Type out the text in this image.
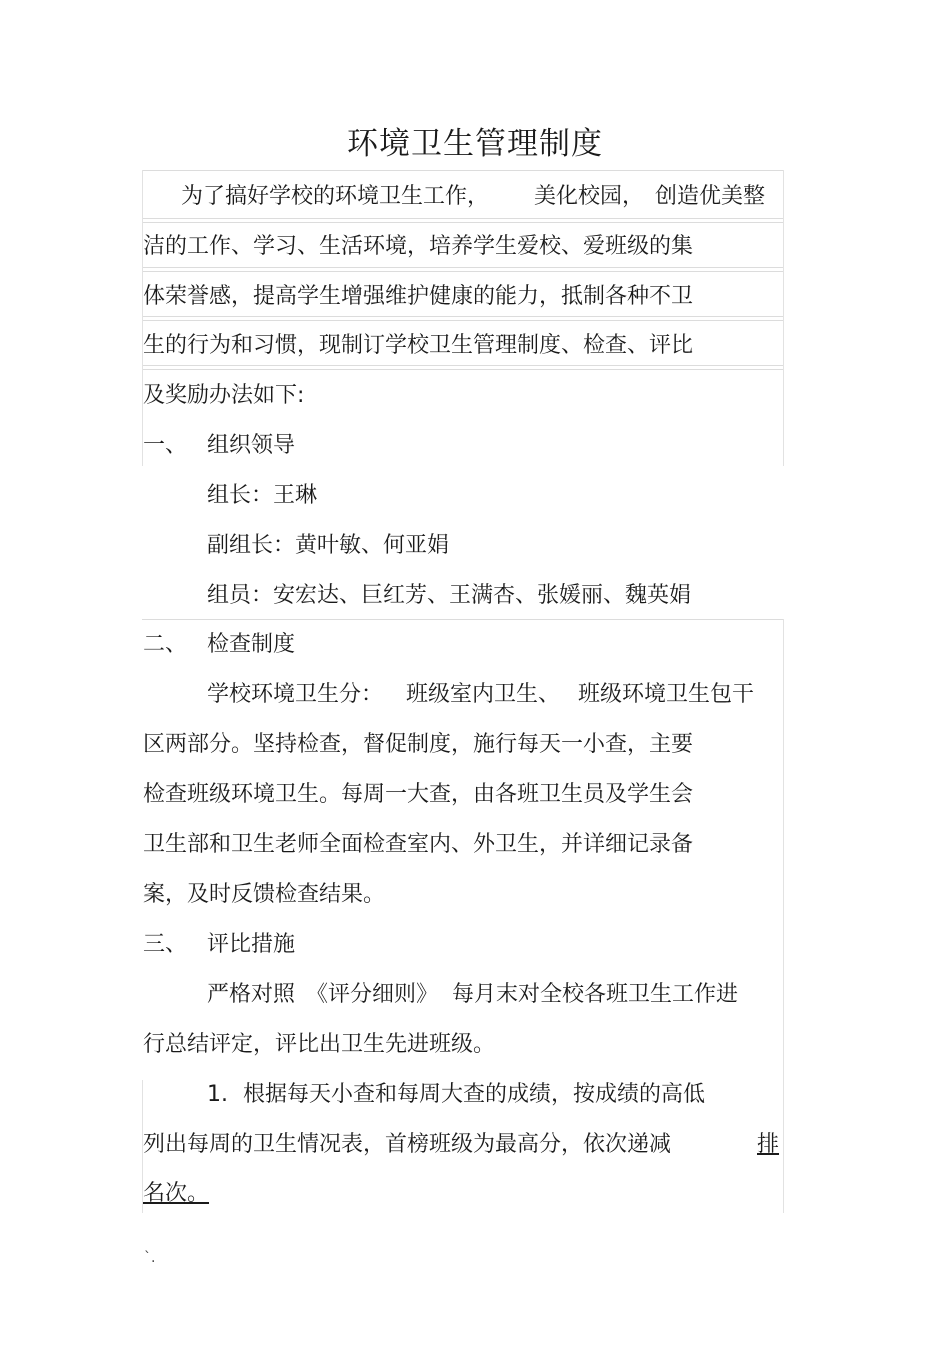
环境卫生管理制度
为了搞好学校的环境卫生工作， 美化校园， 创造优美整
洁的工作、学习、生活环境，培养学生爱校、爱班级的集
体荣誉感，提高学生增强维护健康的能力，抵制各种不卫
生的行为和习惯，现制订学校卫生管理制度、检查、评比
及奖励办法如下:
一、 组织领导
组长：王琳
副组长：黄叶敏、何亚娟
组员：安宏达、巨红芳、王满杏、张媛丽、魏英娟
二、 检查制度
学校环境卫生分： 班级室内卫生、 班级环境卫生包干
区两部分。坚持检查，督促制度，施行每天一小查，主要
检查班级环境卫生。每周一大查，由各班卫生员及学生会
卫生部和卫生老师全面检查室内、外卫生，并详细记录备
案，及时反馈检查结果。
三、 评比措施
严格对照 《评分细则》 每月末对全校各班卫生工作进
行总结评定，评比出卫生先进班级。
1. 根据每天小查和每周大查的成绩，按成绩的高低
列出每周的卫生情况表，首榜班级为最高分，依次递减	排
名次。
`.
